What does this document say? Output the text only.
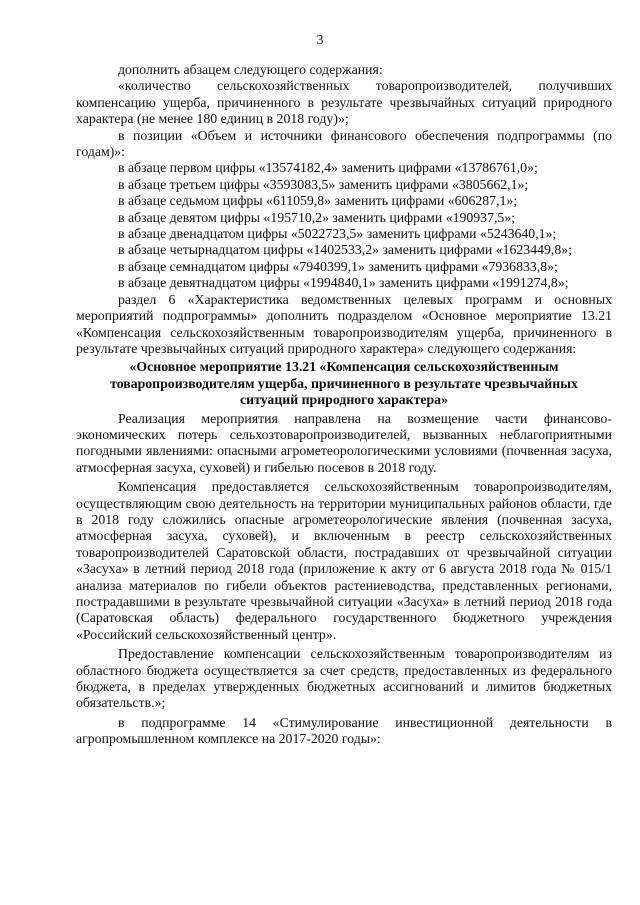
3

дополнить абзацем следующего содержания:

«количество сельскохозяйственных товаропроизводителей, получивших компенсацию ущерба, причиненного в результате чрезвычайных ситуаций природного характера (не менее 180 единиц в 2018 году)»;

в позиции «Объем и источники финансового обеспечения подпрограммы (по годам)»:

в абзаце первом цифры «13574182,4» заменить цифрами «13786761,0»;

в абзаце третьем цифры «3593083,5» заменить цифрами «3805662,1»;

в абзаце седьмом цифры «611059,8» заменить цифрами «606287,1»;

в абзаце девятом цифры «195710,2» заменить цифрами «190937,5»;

в абзаце двенадцатом цифры «5022723,5» заменить цифрами «5243640,1»;

в абзаце четырнадцатом цифры «1402533,2» заменить цифрами «1623449,8»;

в абзаце семнадцатом цифры «7940399,1» заменить цифрами «7936833,8»;

в абзаце девятнадцатом цифры «1994840,1» заменить цифрами «1991274,8»;

раздел 6 «Характеристика ведомственных целевых программ и основных мероприятий подпрограммы» дополнить подразделом «Основное мероприятие 13.21 «Компенсация сельскохозяйственным товаропроизводителям ущерба, причиненного в результате чрезвычайных ситуаций природного характера» следующего содержания:

«Основное мероприятие 13.21 «Компенсация сельскохозяйственным товаропроизводителям ущерба, причиненного в результате чрезвычайных ситуаций природного характера»

Реализация мероприятия направлена на возмещение части финансово-экономических потерь сельхозтоваропроизводителей, вызванных неблагоприятными погодными явлениями: опасными агрометеорологическими условиями (почвенная засуха, атмосферная засуха, суховей) и гибелью посевов в 2018 году.

Компенсация предоставляется сельскохозяйственным товаропроизводителям, осуществляющим свою деятельность на территории муниципальных районов области, где в 2018 году сложились опасные агрометеорологические явления (почвенная засуха, атмосферная засуха, суховей), и включенным в реестр сельскохозяйственных товаропроизводителей Саратовской области, пострадавших от чрезвычайной ситуации «Засуха» в летний период 2018 года (приложение к акту от 6 августа 2018 года № 015/1 анализа материалов по гибели объектов растениеводства, представленных регионами, пострадавшими в результате чрезвычайной ситуации «Засуха» в летний период 2018 года (Саратовская область) федерального государственного бюджетного учреждения «Российский сельскохозяйственный центр».

Предоставление компенсации сельскохозяйственным товаропроизводителям из областного бюджета осуществляется за счет средств, предоставленных из федерального бюджета, в пределах утвержденных бюджетных ассигнований и лимитов бюджетных обязательств.»;

в подпрограмме 14 «Стимулирование инвестиционной деятельности в агропромышленном комплексе на 2017-2020 годы»:
